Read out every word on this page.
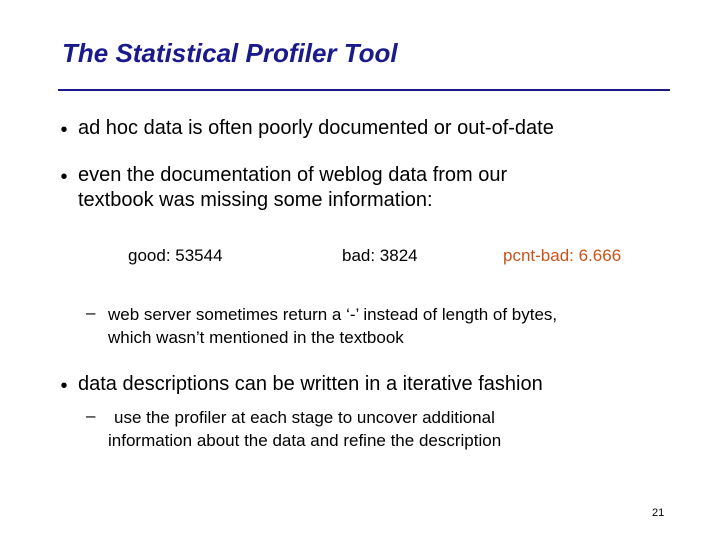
The Statistical Profiler Tool
• ad hoc data is often poorly documented or out-of-date
• even the documentation of weblog data from our
textbook was missing some information:
good: 53544	bad: 3824	pcnt-bad: 6.666
– web server sometimes return a ‘-’ instead of length of bytes,
which wasn’t mentioned in the textbook
• data descriptions can be written in a iterative fashion
– use the profiler at each stage to uncover additional
information about the data and refine the description
21
